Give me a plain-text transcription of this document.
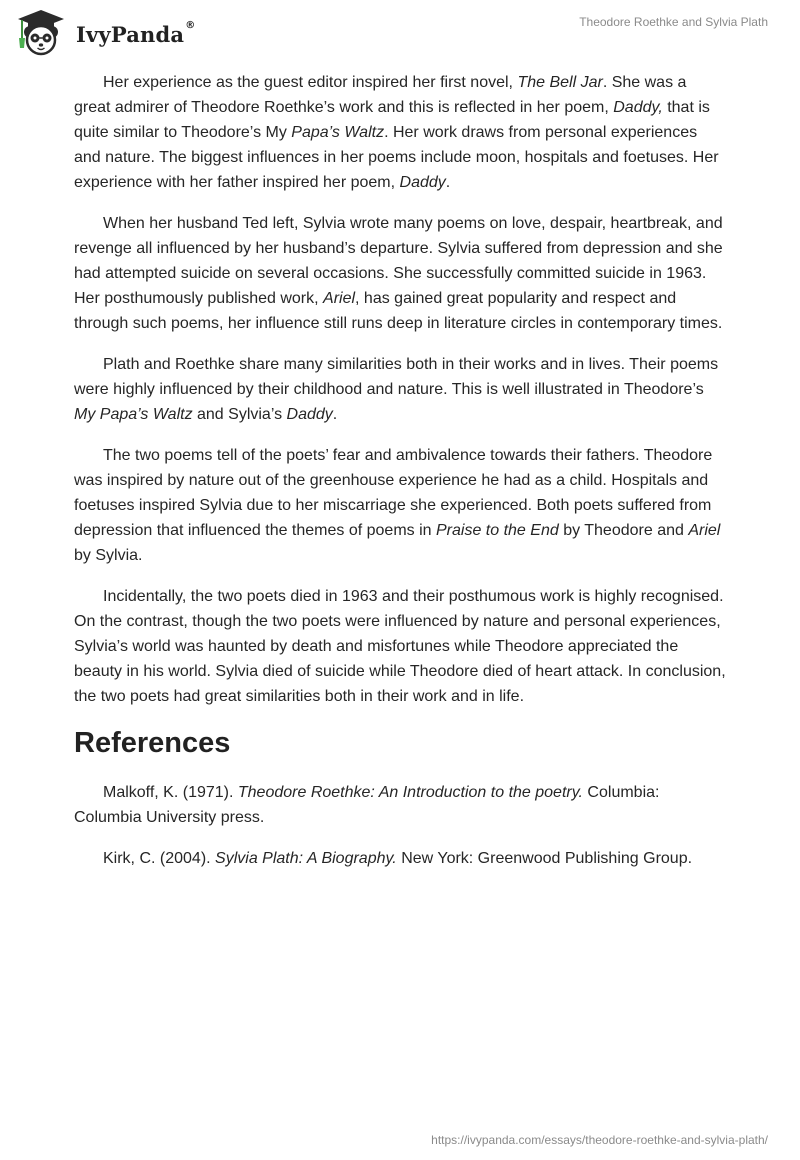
IvyPanda®	Theodore Roethke and Sylvia Plath

Her experience as the guest editor inspired her first novel, The Bell Jar. She was a great admirer of Theodore Roethke’s work and this is reflected in her poem, Daddy, that is quite similar to Theodore’s My Papa’s Waltz. Her work draws from personal experiences and nature. The biggest influences in her poems include moon, hospitals and foetuses. Her experience with her father inspired her poem, Daddy.

When her husband Ted left, Sylvia wrote many poems on love, despair, heartbreak, and revenge all influenced by her husband’s departure. Sylvia suffered from depression and she had attempted suicide on several occasions. She successfully committed suicide in 1963. Her posthumously published work, Ariel, has gained great popularity and respect and through such poems, her influence still runs deep in literature circles in contemporary times.

Plath and Roethke share many similarities both in their works and in lives. Their poems were highly influenced by their childhood and nature. This is well illustrated in Theodore’s My Papa’s Waltz and Sylvia’s Daddy.

The two poems tell of the poets’ fear and ambivalence towards their fathers. Theodore was inspired by nature out of the greenhouse experience he had as a child. Hospitals and foetuses inspired Sylvia due to her miscarriage she experienced. Both poets suffered from depression that influenced the themes of poems in Praise to the End by Theodore and Ariel by Sylvia.

Incidentally, the two poets died in 1963 and their posthumous work is highly recognised. On the contrast, though the two poets were influenced by nature and personal experiences, Sylvia’s world was haunted by death and misfortunes while Theodore appreciated the beauty in his world. Sylvia died of suicide while Theodore died of heart attack. In conclusion, the two poets had great similarities both in their work and in life.

References

Malkoff, K. (1971). Theodore Roethke: An Introduction to the poetry. Columbia: Columbia University press.

Kirk, C. (2004). Sylvia Plath: A Biography. New York: Greenwood Publishing Group.

https://ivypanda.com/essays/theodore-roethke-and-sylvia-plath/
